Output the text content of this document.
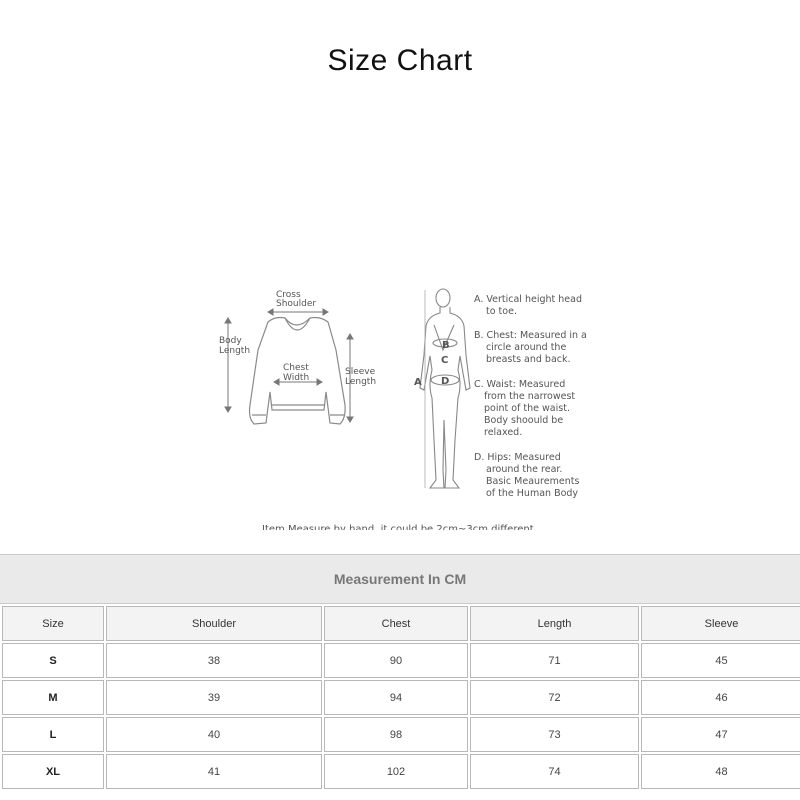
Size Chart
Cross
Shoulder
Body
Length
Chest
Width
Sleeve
Length
B
C
A D
A. Vertical height head
to toe.
B. Chest: Measured in a
circle around the
breasts and back.
C. Waist: Measured
from the narrowest
point of the waist.
Body shoould be
relaxed.
D. Hips: Measured
around the rear.
Basic Meaurements
of the Human Body
Item Measure by hand, it could be 2cm~3cm different.
Measurement In CM
Size	Shoulder	Chest	Length	Sleeve
S	38	90	71	45
M	39	94	72	46
L	40	98	73	47
XL	41	102	74	48
